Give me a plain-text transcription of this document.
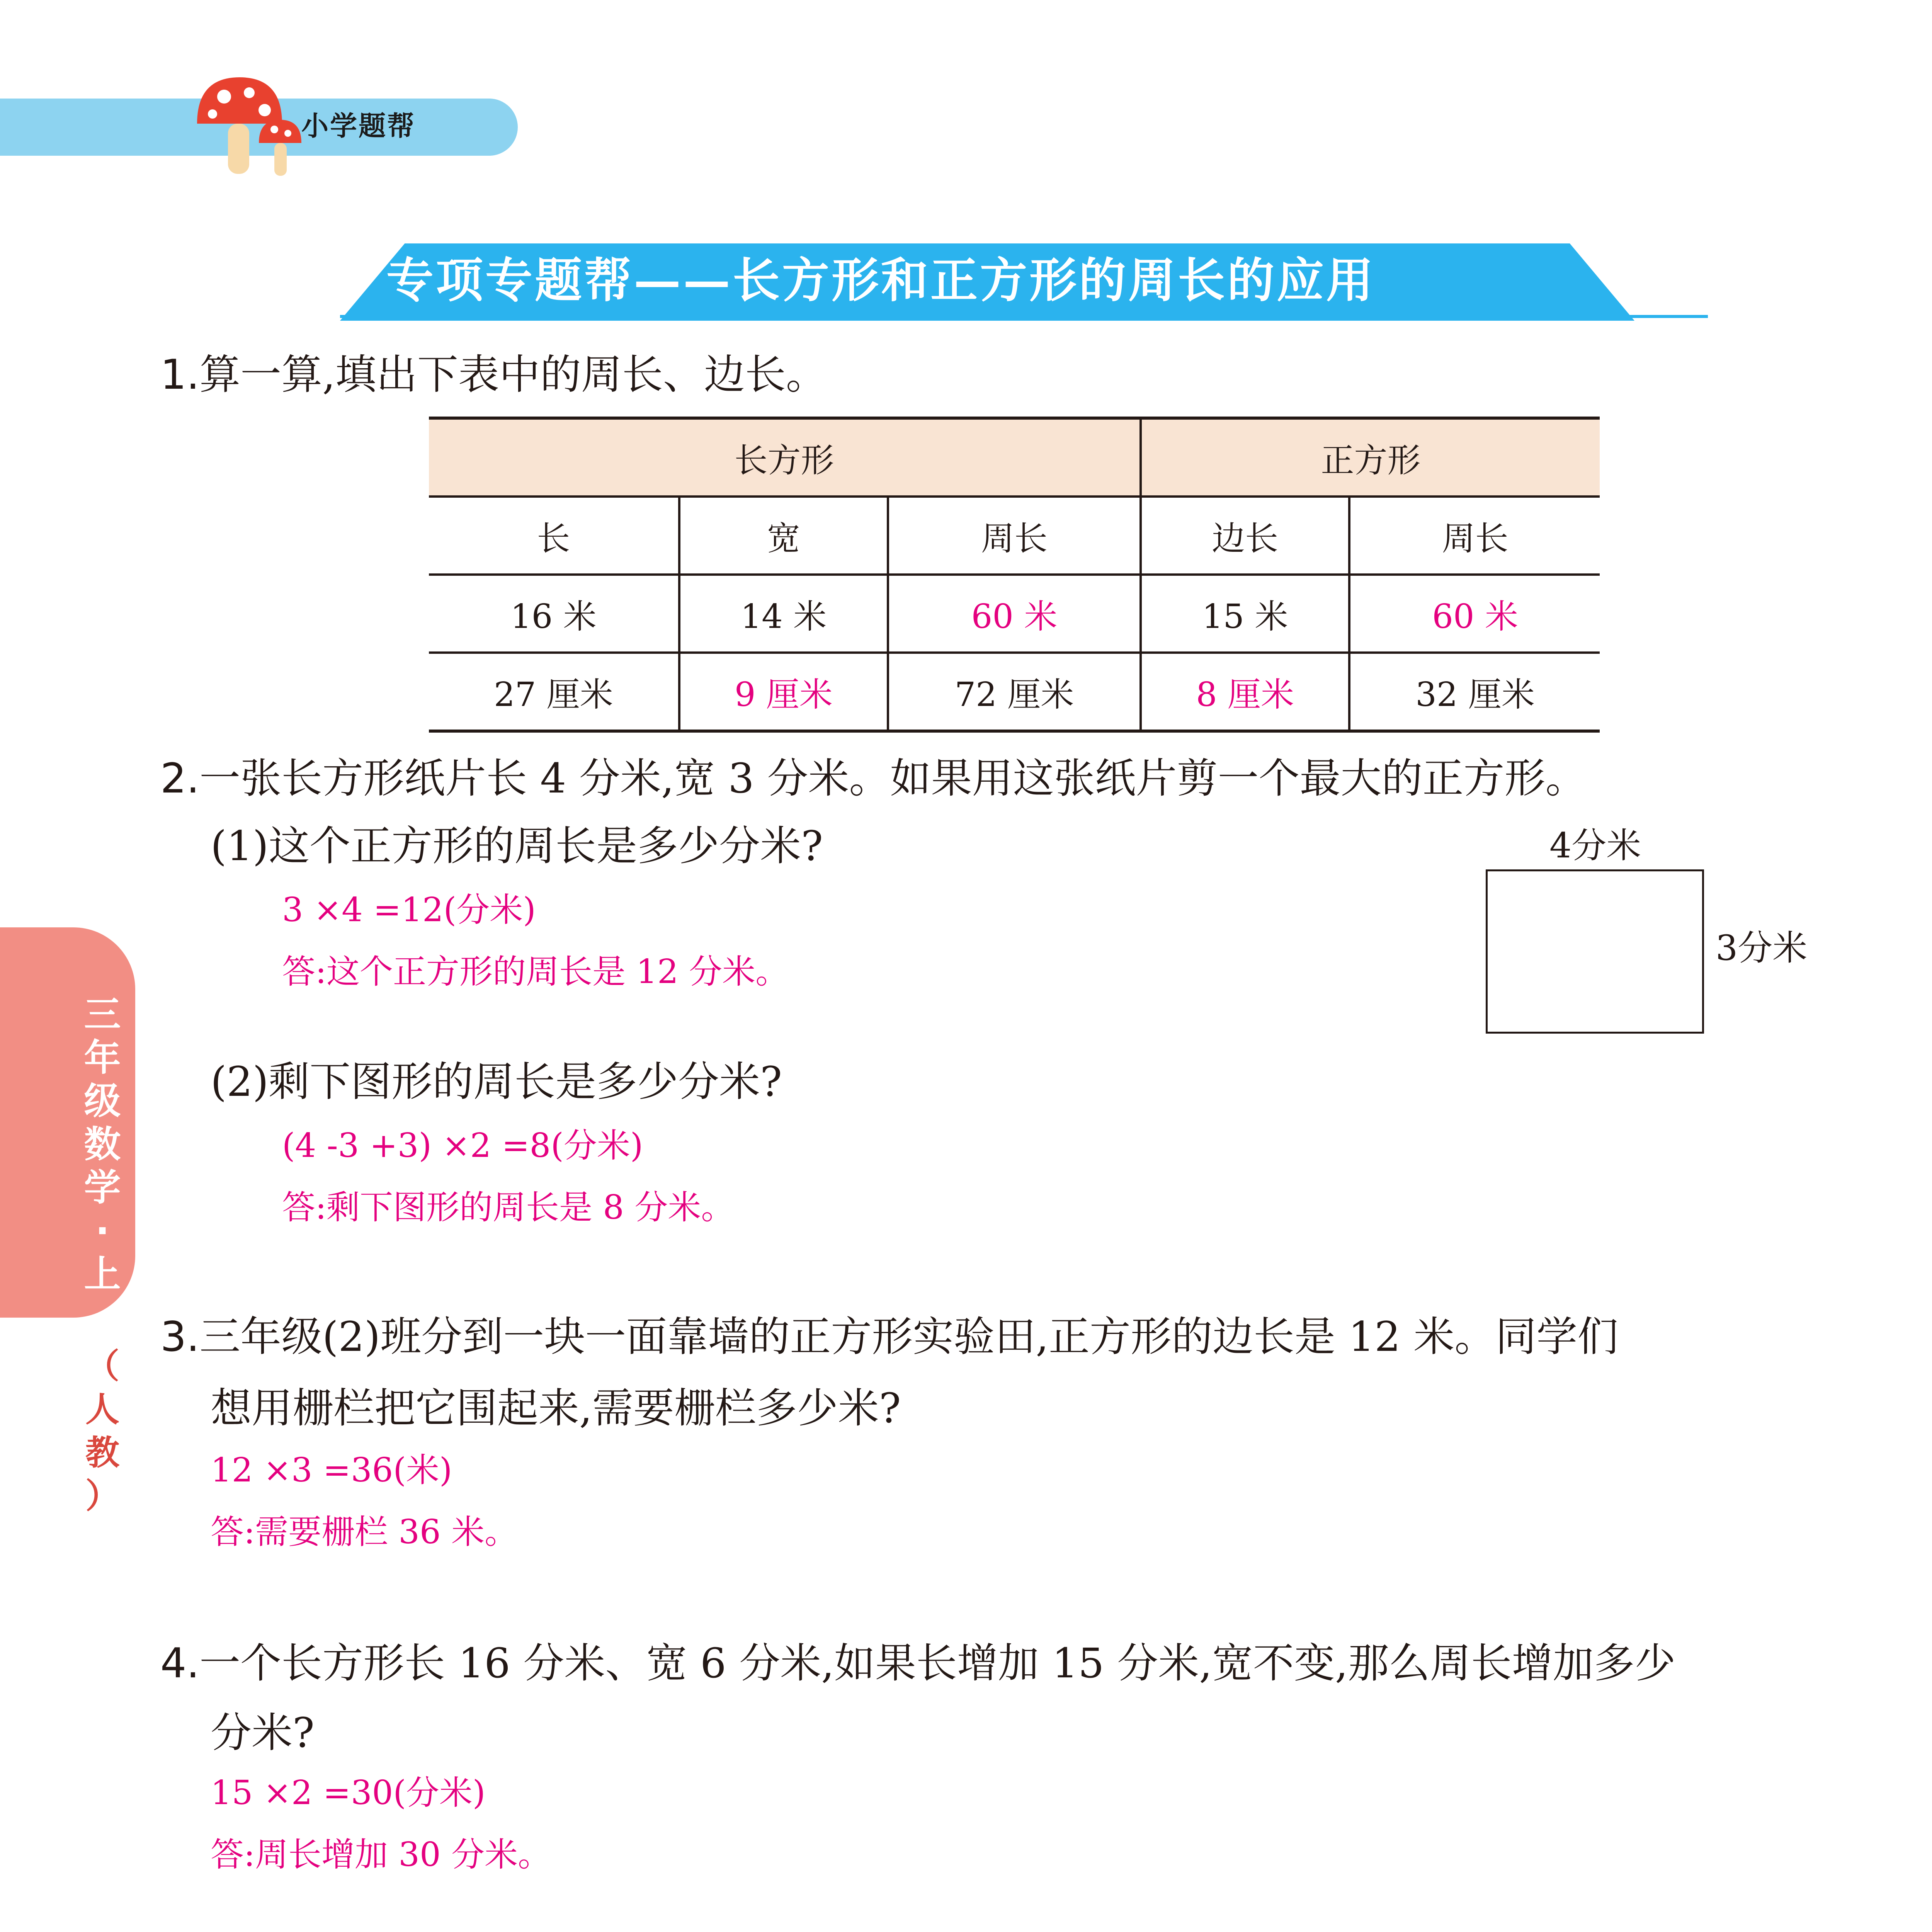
小学题帮
专项专题帮——长方形和正方形的周长的应用
三
年
级
数
学
·
上
（
人
教
）
1.算一算,填出下表中的周长、边长。
长方形			正方形	
长	宽	周长	边长	周长
16 米	14 米	60 米	15 米	60 米
27 厘米	9 厘米	72 厘米	8 厘米	32 厘米
2.一张长方形纸片长 4 分米,宽 3 分米。如果用这张纸片剪一个最大的正方形。
(1)这个正方形的周长是多少分米?
3 ×4 =12(分米)
答:这个正方形的周长是 12 分米。
(2)剩下图形的周长是多少分米?
(4 -3 +3) ×2 =8(分米)
答:剩下图形的周长是 8 分米。
4分米
3分米
3.三年级(2)班分到一块一面靠墙的正方形实验田,正方形的边长是 12 米。同学们
想用栅栏把它围起来,需要栅栏多少米?
12 ×3 =36(米)
答:需要栅栏 36 米。
4.一个长方形长 16 分米、宽 6 分米,如果长增加 15 分米,宽不变,那么周长增加多少
分米?
15 ×2 =30(分米)
答:周长增加 30 分米。
